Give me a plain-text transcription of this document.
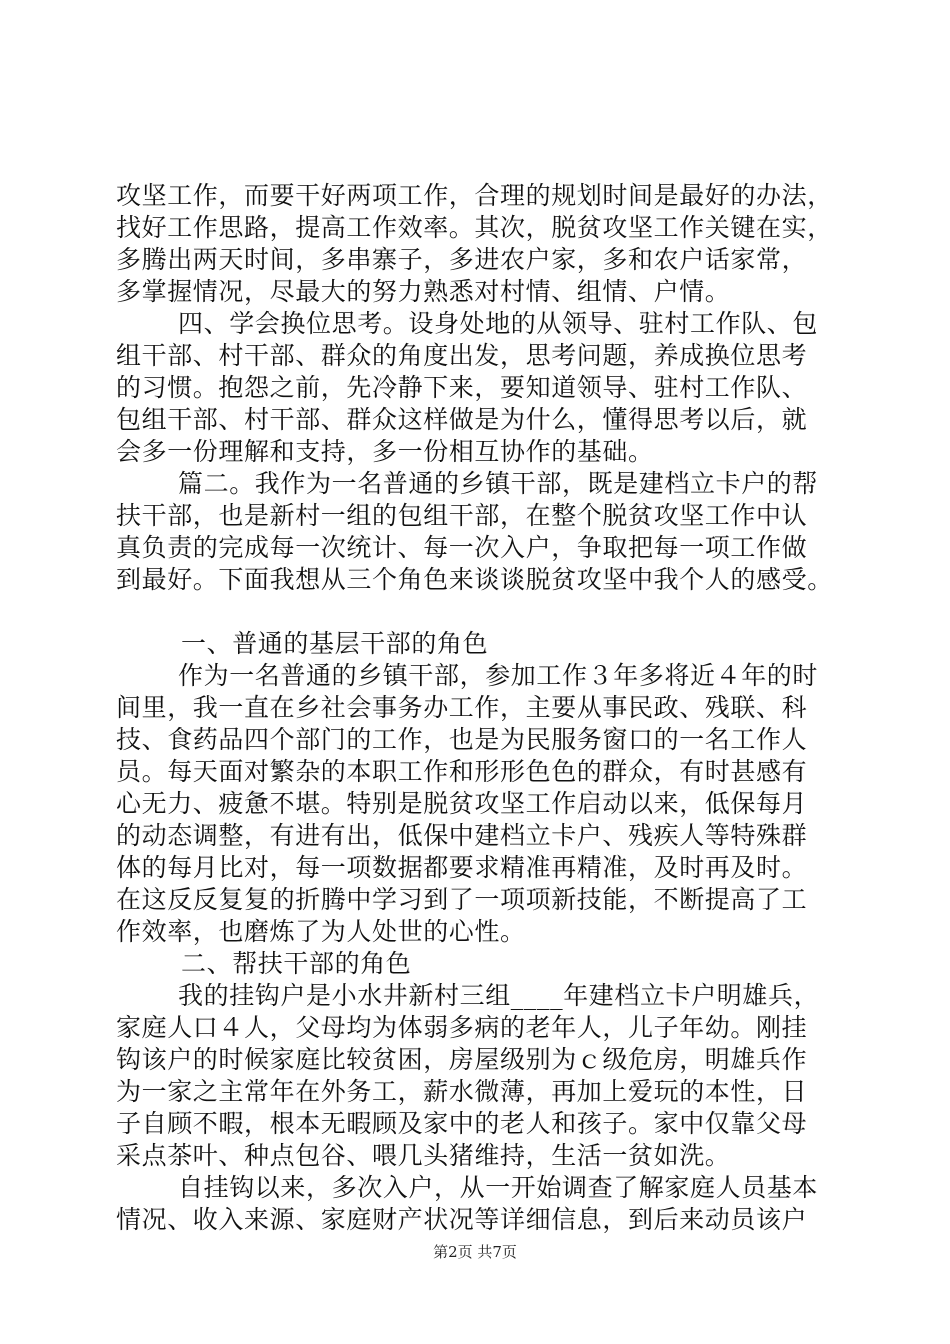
攻坚工作，而要干好两项工作，合理的规划时间是最好的办法，
找好工作思路，提高工作效率。其次，脱贫攻坚工作关键在实，
多腾出两天时间，多串寨子，多进农户家，多和农户话家常，
多掌握情况，尽最大的努力熟悉对村情、组情、户情。
四、学会换位思考。设身处地的从领导、驻村工作队、包
组干部、村干部、群众的角度出发，思考问题，养成换位思考
的习惯。抱怨之前，先冷静下来，要知道领导、驻村工作队、
包组干部、村干部、群众这样做是为什么，懂得思考以后，就
会多一份理解和支持，多一份相互协作的基础。
篇二。我作为一名普通的乡镇干部，既是建档立卡户的帮
扶干部，也是新村一组的包组干部，在整个脱贫攻坚工作中认
真负责的完成每一次统计、每一次入户，争取把每一项工作做
到最好。下面我想从三个角色来谈谈脱贫攻坚中我个人的感受。
一、普通的基层干部的角色
作为一名普通的乡镇干部，参加工作３年多将近４年的时
间里，我一直在乡社会事务办工作，主要从事民政、残联、科
技、食药品四个部门的工作，也是为民服务窗口的一名工作人
员。每天面对繁杂的本职工作和形形色色的群众，有时甚感有
心无力、疲惫不堪。特别是脱贫攻坚工作启动以来，低保每月
的动态调整，有进有出，低保中建档立卡户、残疾人等特殊群
体的每月比对，每一项数据都要求精准再精准，及时再及时。
在这反反复复的折腾中学习到了一项项新技能，不断提高了工
作效率，也磨炼了为人处世的心性。
二、帮扶干部的角色
我的挂钩户是小水井新村三组____年建档立卡户明雄兵，
家庭人口４人，父母均为体弱多病的老年人，儿子年幼。刚挂
钩该户的时候家庭比较贫困，房屋级别为ｃ级危房，明雄兵作
为一家之主常年在外务工，薪水微薄，再加上爱玩的本性，日
子自顾不暇，根本无暇顾及家中的老人和孩子。家中仅靠父母
采点茶叶、种点包谷、喂几头猪维持，生活一贫如洗。
自挂钩以来，多次入户，从一开始调查了解家庭人员基本
情况、收入来源、家庭财产状况等详细信息，到后来动员该户
第2页 共7页
